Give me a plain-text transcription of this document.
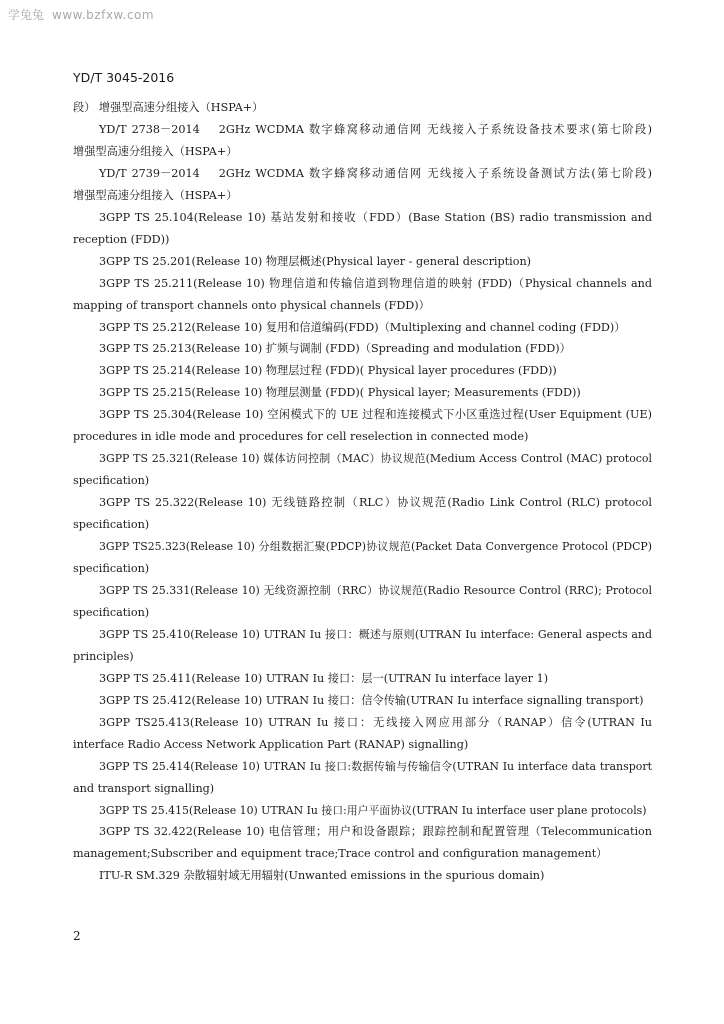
学兔兔 www.bzfxw.com
YD/T 3045-2016
段） 增强型高速分组接入（HSPA+）
YD/T 2738－2014　 2GHz WCDMA 数字蜂窝移动通信网 无线接入子系统设备技术要求(第七阶段)
增强型高速分组接入（HSPA+）
YD/T 2739－2014　 2GHz WCDMA 数字蜂窝移动通信网 无线接入子系统设备测试方法(第七阶段)
增强型高速分组接入（HSPA+）
3GPP TS 25.104(Release 10) 基站发射和接收（FDD）(Base Station (BS) radio transmission and
reception (FDD))
3GPP TS 25.201(Release 10) 物理层概述(Physical layer - general description)
3GPP TS 25.211(Release 10) 物理信道和传输信道到物理信道的映射 (FDD)（Physical channels and
mapping of transport channels onto physical channels (FDD)）
3GPP TS 25.212(Release 10) 复用和信道编码(FDD)（Multiplexing and channel coding (FDD)）
3GPP TS 25.213(Release 10) 扩频与调制 (FDD)（Spreading and modulation (FDD)）
3GPP TS 25.214(Release 10) 物理层过程 (FDD)( Physical layer procedures (FDD))
3GPP TS 25.215(Release 10) 物理层测量 (FDD)( Physical layer; Measurements (FDD))
3GPP TS 25.304(Release 10) 空闲模式下的 UE 过程和连接模式下小区重选过程(User Equipment (UE)
procedures in idle mode and procedures for cell reselection in connected mode)
3GPP TS 25.321(Release 10) 媒体访问控制（MAC）协议规范(Medium Access Control (MAC) protocol
specification)
3GPP TS 25.322(Release 10) 无线链路控制（RLC）协议规范(Radio Link Control (RLC) protocol
specification)
3GPP TS25.323(Release 10) 分组数据汇聚(PDCP)协议规范(Packet Data Convergence Protocol (PDCP)
specification)
3GPP TS 25.331(Release 10) 无线资源控制（RRC）协议规范(Radio Resource Control (RRC); Protocol
specification)
3GPP TS 25.410(Release 10) UTRAN Iu 接口：概述与原则(UTRAN Iu interface: General aspects and
principles)
3GPP TS 25.411(Release 10) UTRAN Iu 接口：层一(UTRAN Iu interface layer 1)
3GPP TS 25.412(Release 10) UTRAN Iu 接口：信令传输(UTRAN Iu interface signalling transport)
3GPP TS25.413(Release 10) UTRAN Iu 接口：无线接入网应用部分（RANAP）信令(UTRAN Iu
interface Radio Access Network Application Part (RANAP) signalling)
3GPP TS 25.414(Release 10) UTRAN Iu 接口:数据传输与传输信令(UTRAN Iu interface data transport
and transport signalling)
3GPP TS 25.415(Release 10) UTRAN Iu 接口:用户平面协议(UTRAN Iu interface user plane protocols)
3GPP TS 32.422(Release 10) 电信管理；用户和设备跟踪；跟踪控制和配置管理（Telecommunication
management;Subscriber and equipment trace;Trace control and configuration management）
ITU-R SM.329 杂散辐射域无用辐射(Unwanted emissions in the spurious domain)
2
